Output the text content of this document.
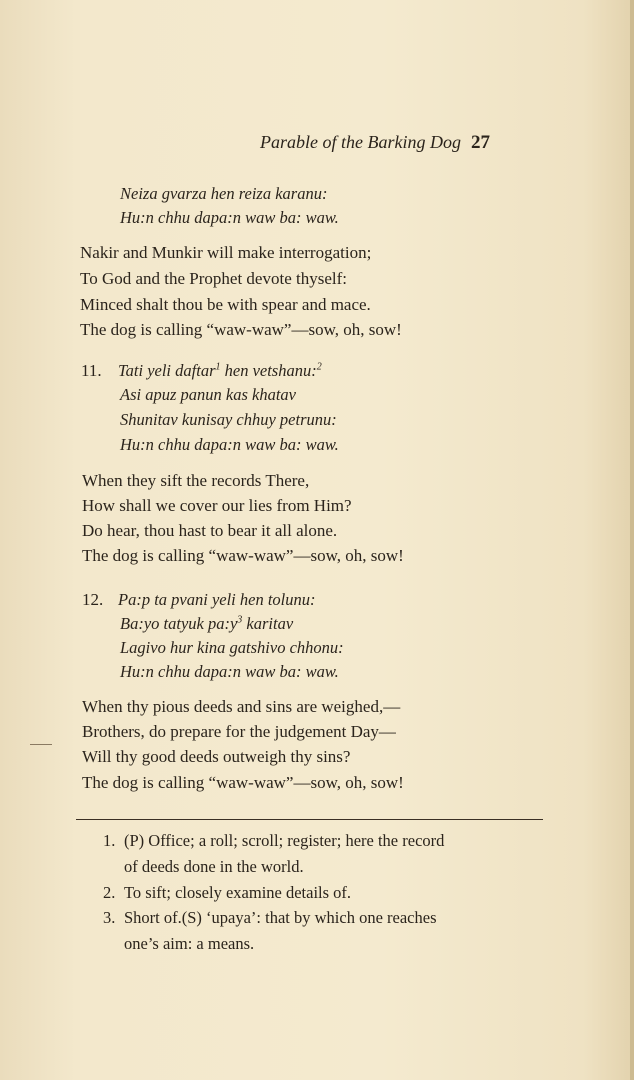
Parable of the Barking Dog 27
Neiza gvarza hen reiza karanu:
Hu:n chhu dapa:n waw ba: waw.
Nakir and Munkir will make interrogation;
To God and the Prophet devote thyself:
Minced shalt thou be with spear and mace.
The dog is calling “waw-waw”—sow, oh, sow!
11. Tati yeli daftar$^1$ hen vetshanu:$^2$
Asi apuz panun kas khatav
Shunitav kunisay chhuy petrunu:
Hu:n chhu dapa:n waw ba: waw.
When they sift the records There,
How shall we cover our lies from Him?
Do hear, thou hast to bear it all alone.
The dog is calling “waw-waw”—sow, oh, sow!
12. Pa:p ta pvani yeli hen tolunu:
Ba:yo tatyuk $pa:y^3$ karitav
Lagivo hur kina gatshivo chhonu:
Hu:n chhu dapa:n waw ba: waw.
When thy pious deeds and sins are weighed,—
Brothers, do prepare for the judgement Day—
Will thy good deeds outweigh thy sins?
The dog is calling “waw-waw”—sow, oh, sow!
1. (P) Office; a roll; scroll; register; here the record
of deeds done in the world.
2. To sift; closely examine details of.
3. Short of.(S) ‘upaya’: that by which one reaches
one’s aim: a means.
